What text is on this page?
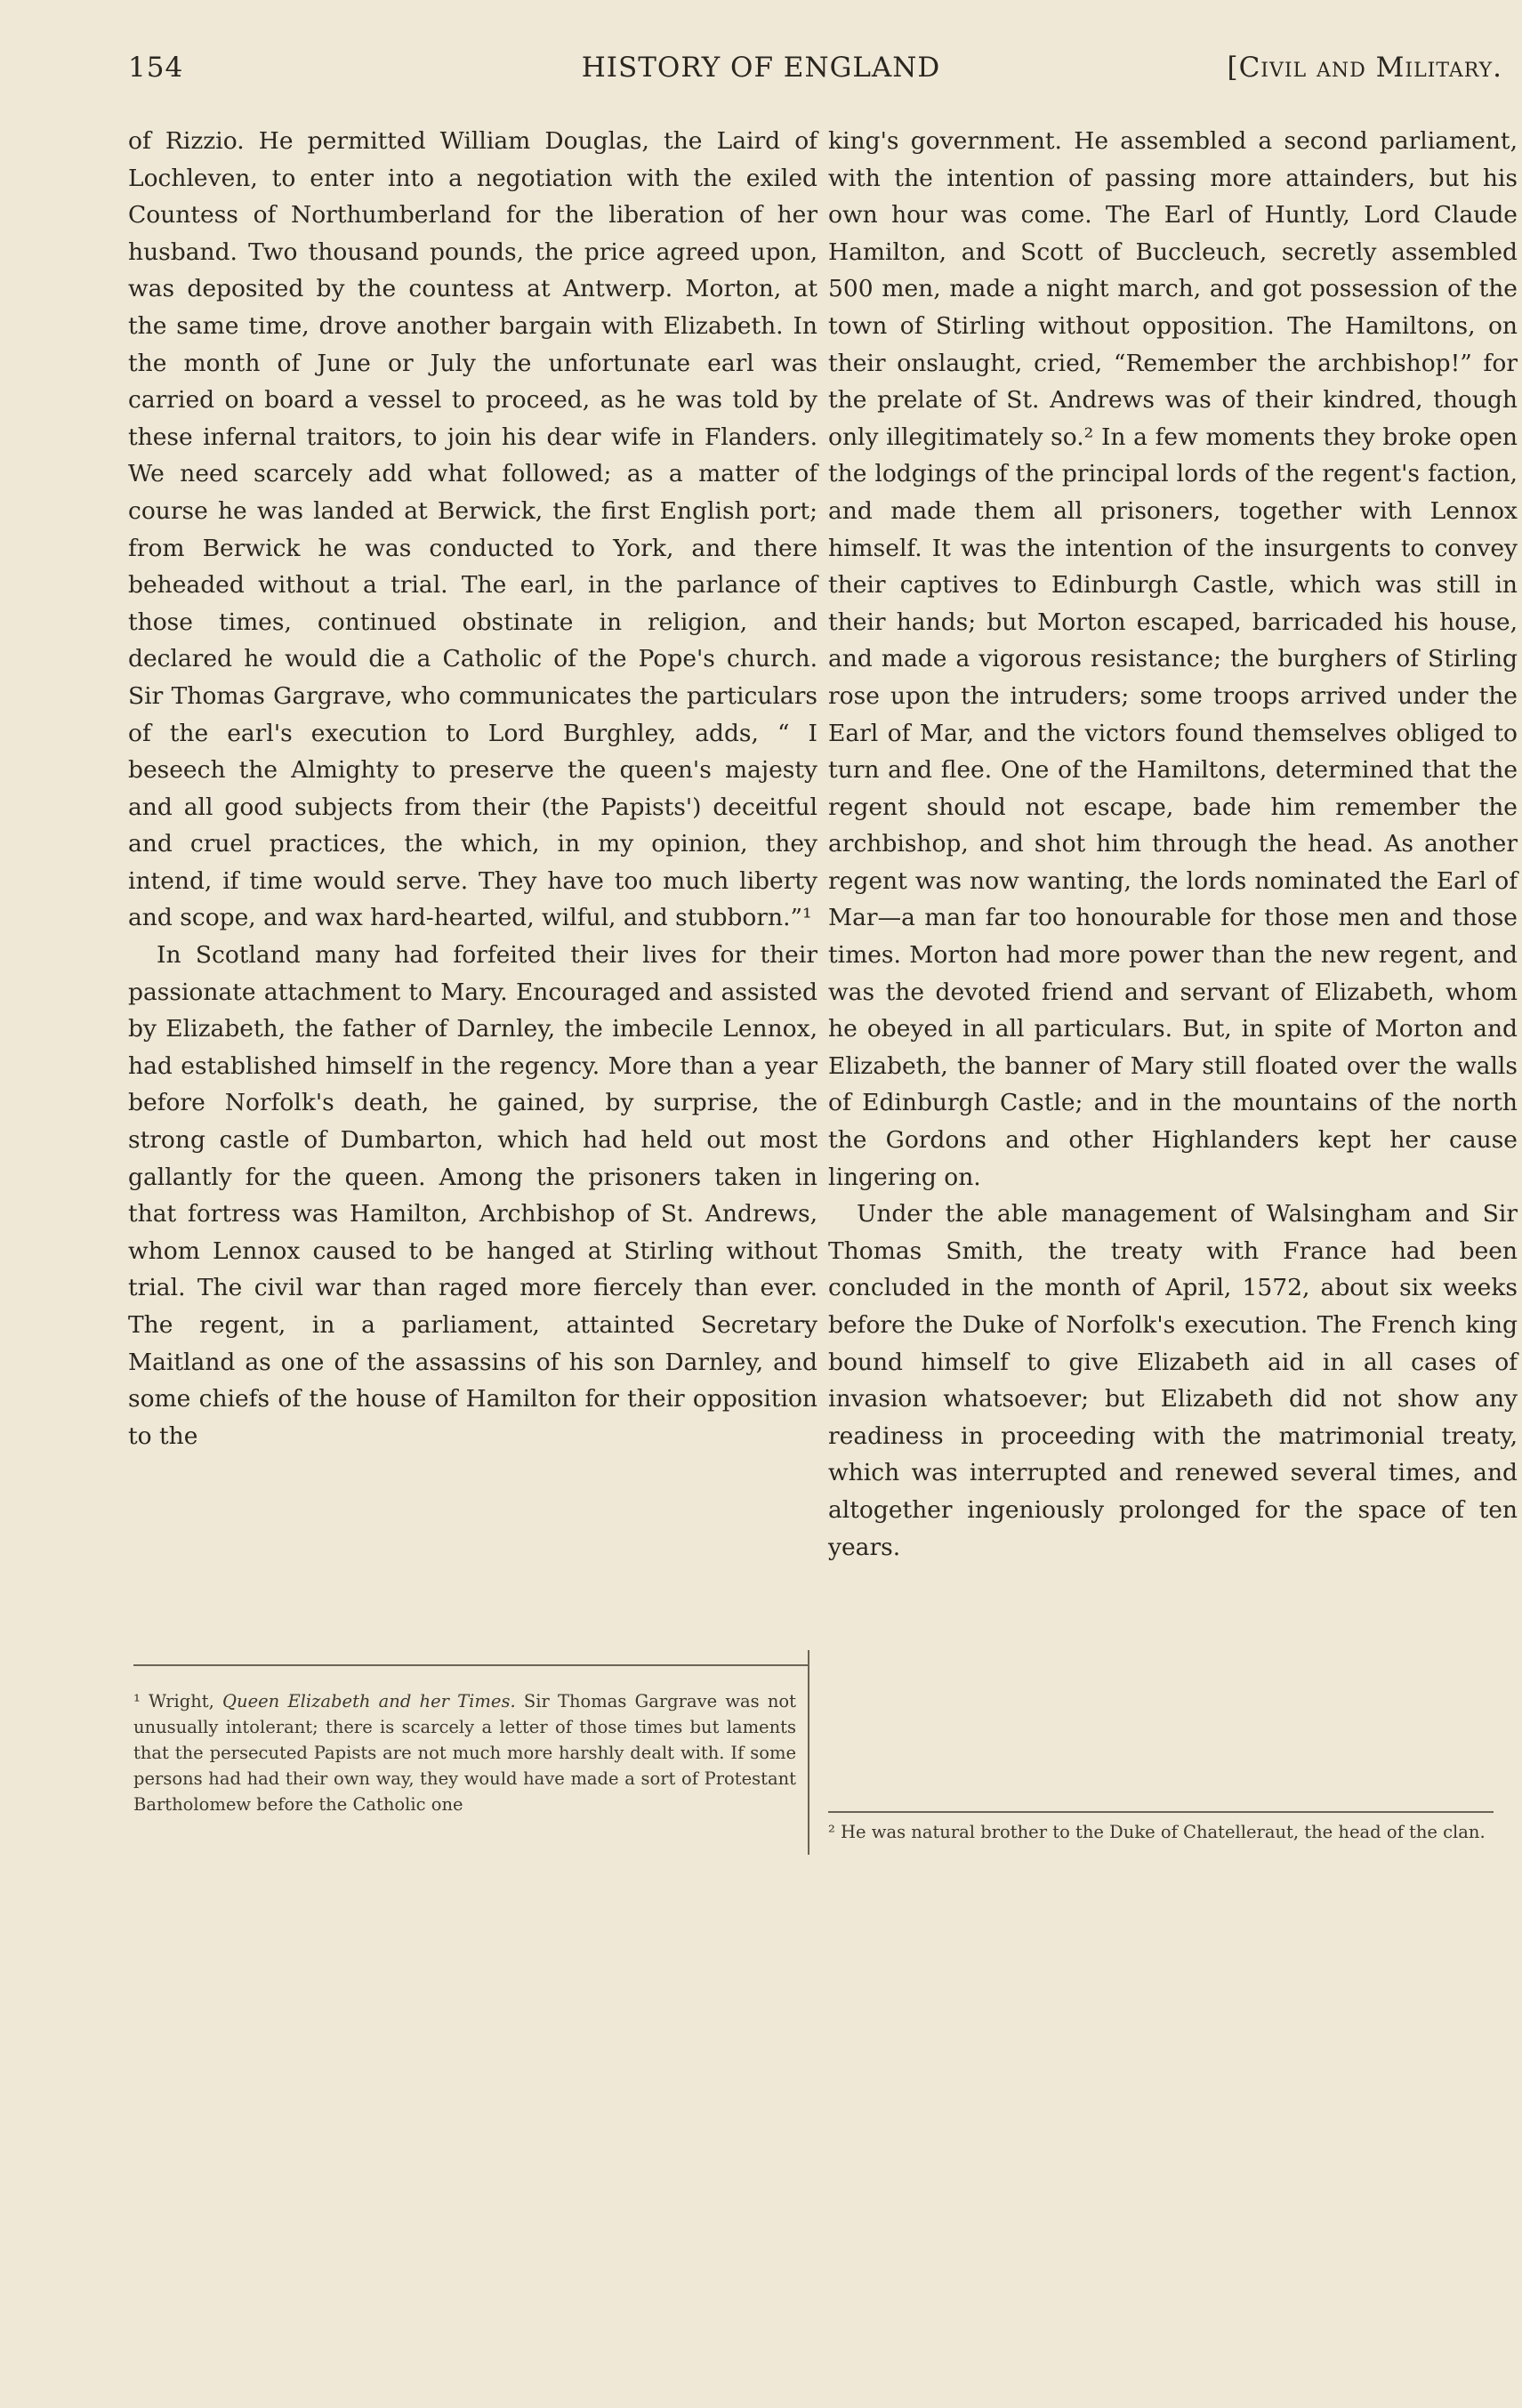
HISTORY OF ENGLAND
154	[Civil and Military.

of Rizzio. He permitted William Douglas, the Laird of Lochleven, to enter into a negotiation with the exiled Countess of Northumberland for the liberation of her husband. Two thousand pounds, the price agreed upon, was deposited by the countess at Antwerp. Morton, at the same time, drove another bargain with Elizabeth. In the month of June or July the unfortunate earl was carried on board a vessel to proceed, as he was told by these infernal traitors, to join his dear wife in Flanders. We need scarcely add what followed; as a matter of course he was landed at Berwick, the first English port; from Berwick he was conducted to York, and there beheaded without a trial. The earl, in the parlance of those times, continued obstinate in religion, and declared he would die a Catholic of the Pope's church. Sir Thomas Gargrave, who communicates the particulars of the earl's execution to Lord Burghley, adds, “ I beseech the Almighty to preserve the queen's majesty and all good subjects from their (the Papists') deceitful and cruel practices, the which, in my opinion, they intend, if time would serve. They have too much liberty and scope, and wax hard-hearted, wilful, and stubborn.”¹

In Scotland many had forfeited their lives for their passionate attachment to Mary. Encouraged and assisted by Elizabeth, the father of Darnley, the imbecile Lennox, had established himself in the regency. More than a year before Norfolk's death, he gained, by surprise, the strong castle of Dumbarton, which had held out most gallantly for the queen. Among the prisoners taken in that fortress was Hamilton, Archbishop of St. Andrews, whom Lennox caused to be hanged at Stirling without trial. The civil war than raged more fiercely than ever. The regent, in a parliament, attainted Secretary Maitland as one of the assassins of his son Darnley, and some chiefs of the house of Hamilton for their opposition to the

king's government. He assembled a second parliament, with the intention of passing more attainders, but his own hour was come. The Earl of Huntly, Lord Claude Hamilton, and Scott of Buccleuch, secretly assembled 500 men, made a night march, and got possession of the town of Stirling without opposition. The Hamiltons, on their onslaught, cried, “Remember the archbishop!” for the prelate of St. Andrews was of their kindred, though only illegitimately so.² In a few moments they broke open the lodgings of the principal lords of the regent's faction, and made them all prisoners, together with Lennox himself. It was the intention of the insurgents to convey their captives to Edinburgh Castle, which was still in their hands; but Morton escaped, barricaded his house, and made a vigorous resistance; the burghers of Stirling rose upon the intruders; some troops arrived under the Earl of Mar, and the victors found themselves obliged to turn and flee. One of the Hamiltons, determined that the regent should not escape, bade him remember the archbishop, and shot him through the head. As another regent was now wanting, the lords nominated the Earl of Mar—a man far too honourable for those men and those times. Morton had more power than the new regent, and was the devoted friend and servant of Elizabeth, whom he obeyed in all particulars. But, in spite of Morton and Elizabeth, the banner of Mary still floated over the walls of Edinburgh Castle; and in the mountains of the north the Gordons and other Highlanders kept her cause lingering on.

Under the able management of Walsingham and Sir Thomas Smith, the treaty with France had been concluded in the month of April, 1572, about six weeks before the Duke of Norfolk's execution. The French king bound himself to give Elizabeth aid in all cases of invasion whatsoever; but Elizabeth did not show any readiness in proceeding with the matrimonial treaty, which was interrupted and renewed several times, and altogether ingeniously prolonged for the space of ten years.

¹ Wright, Queen Elizabeth and her Times. Sir Thomas Gargrave was not unusually intolerant; there is scarcely a letter of those times but laments that the persecuted Papists are not much more harshly dealt with. If some persons had had their own way, they would have made a sort of Protestant Bartholomew before the Catholic one
² He was natural brother to the Duke of Chatelleraut, the head of the clan.
